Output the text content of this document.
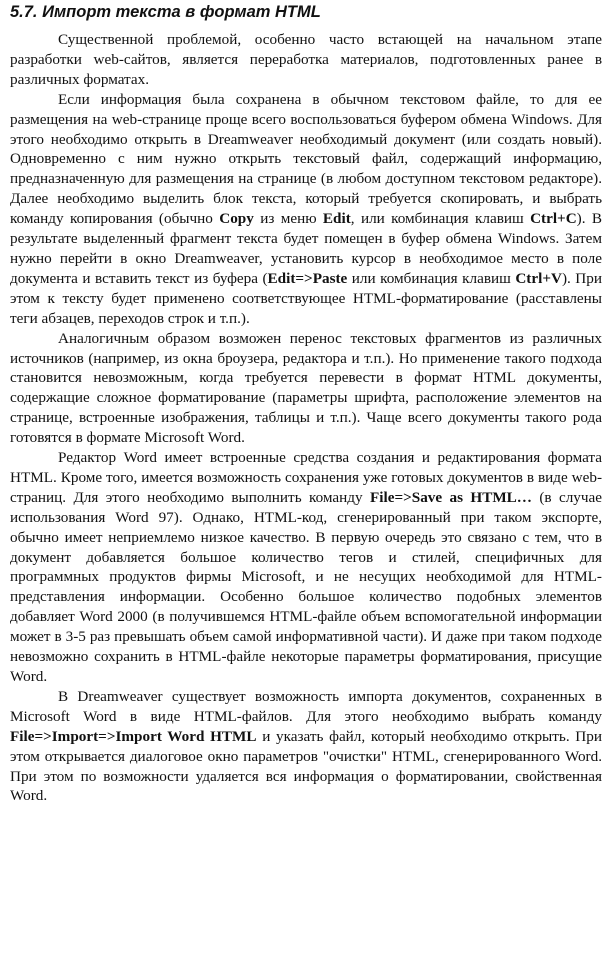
5.7. Импорт текста в формат HTML

Существенной проблемой, особенно часто встающей на начальном этапе разработки web-сайтов, является переработка материалов, подготовленных ранее в различных форматах.

Если информация была сохранена в обычном текстовом файле, то для ее размещения на web-странице проще всего воспользоваться буфером обмена Windows. Для этого необходимо открыть в Dreamweaver необходимый документ (или создать новый). Одновременно с ним нужно открыть текстовый файл, содержащий информацию, предназначенную для размещения на странице (в любом доступном текстовом редакторе). Далее необходимо выделить блок текста, который требуется скопировать, и выбрать команду копирования (обычно Copy из меню Edit, или комбинация клавиш Ctrl+C). В результате выделенный фрагмент текста будет помещен в буфер обмена Windows. Затем нужно перейти в окно Dreamweaver, установить курсор в необходимое место в поле документа и вставить текст из буфера (Edit=>Paste или комбинация клавиш Ctrl+V). При этом к тексту будет применено соответствующее HTML-форматирование (расставлены теги абзацев, переходов строк и т.п.).

Аналогичным образом возможен перенос текстовых фрагментов из различных источников (например, из окна броузера, редактора и т.п.). Но применение такого подхода становится невозможным, когда требуется перевести в формат HTML документы, содержащие сложное форматирование (параметры шрифта, расположение элементов на странице, встроенные изображения, таблицы и т.п.). Чаще всего документы такого рода готовятся в формате Microsoft Word.

Редактор Word имеет встроенные средства создания и редактирования формата HTML. Кроме того, имеется возможность сохранения уже готовых документов в виде web-страниц. Для этого необходимо выполнить команду File=>Save as HTML… (в случае использования Word 97). Однако, HTML-код, сгенерированный при таком экспорте, обычно имеет неприемлемо низкое качество. В первую очередь это связано с тем, что в документ добавляется большое количество тегов и стилей, специфичных для программных продуктов фирмы Microsoft, и не несущих необходимой для HTML-представления информации. Особенно большое количество подобных элементов добавляет Word 2000 (в получившемся HTML-файле объем вспомогательной информации может в 3-5 раз превышать объем самой информативной части). И даже при таком подходе невозможно сохранить в HTML-файле некоторые параметры форматирования, присущие Word.

В Dreamweaver существует возможность импорта документов, сохраненных в Microsoft Word в виде HTML-файлов. Для этого необходимо выбрать команду File=>Import=>Import Word HTML и указать файл, который необходимо открыть. При этом открывается диалоговое окно параметров "очистки" HTML, сгенерированного Word. При этом по возможности удаляется вся информация о форматировании, свойственная Word.
